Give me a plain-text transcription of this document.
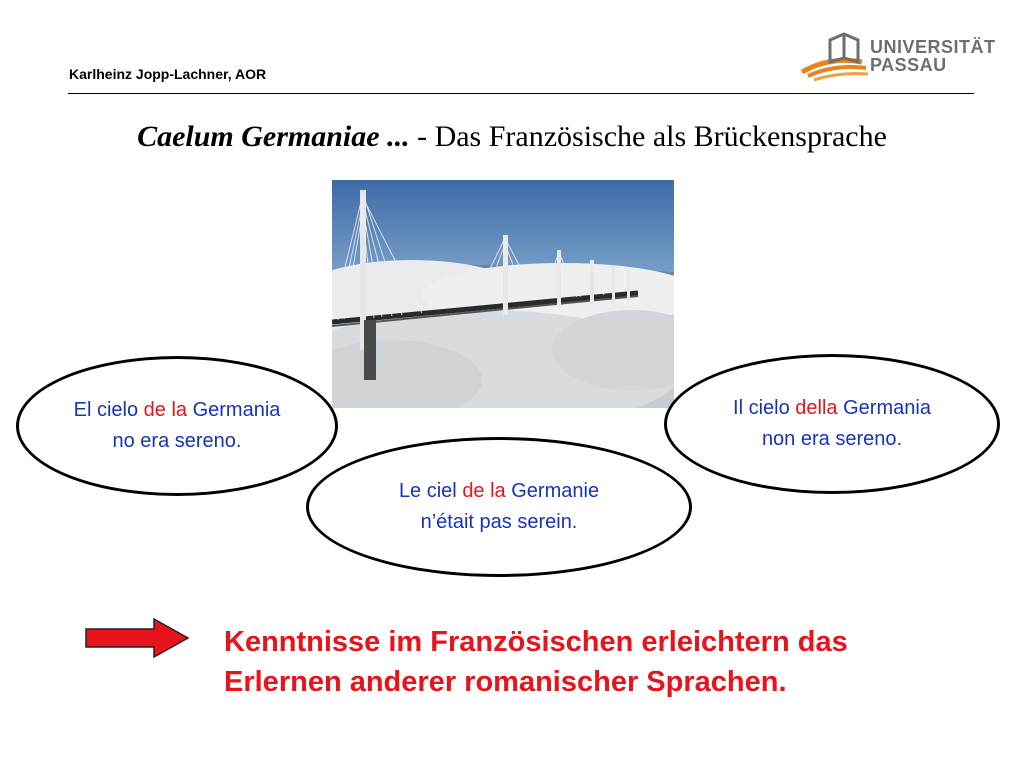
Karlheinz Jopp-Lachner, AOR
UNIVERSITÄT
PASSAU
Caelum Germaniae ... - Das Französische als Brückensprache
El cielo de la Germania no era sereno.
Il cielo della Germania non era sereno.
Le ciel de la Germanie n’était pas serein.
Kenntnisse im Französischen erleichtern das
Erlernen anderer romanischer Sprachen.
